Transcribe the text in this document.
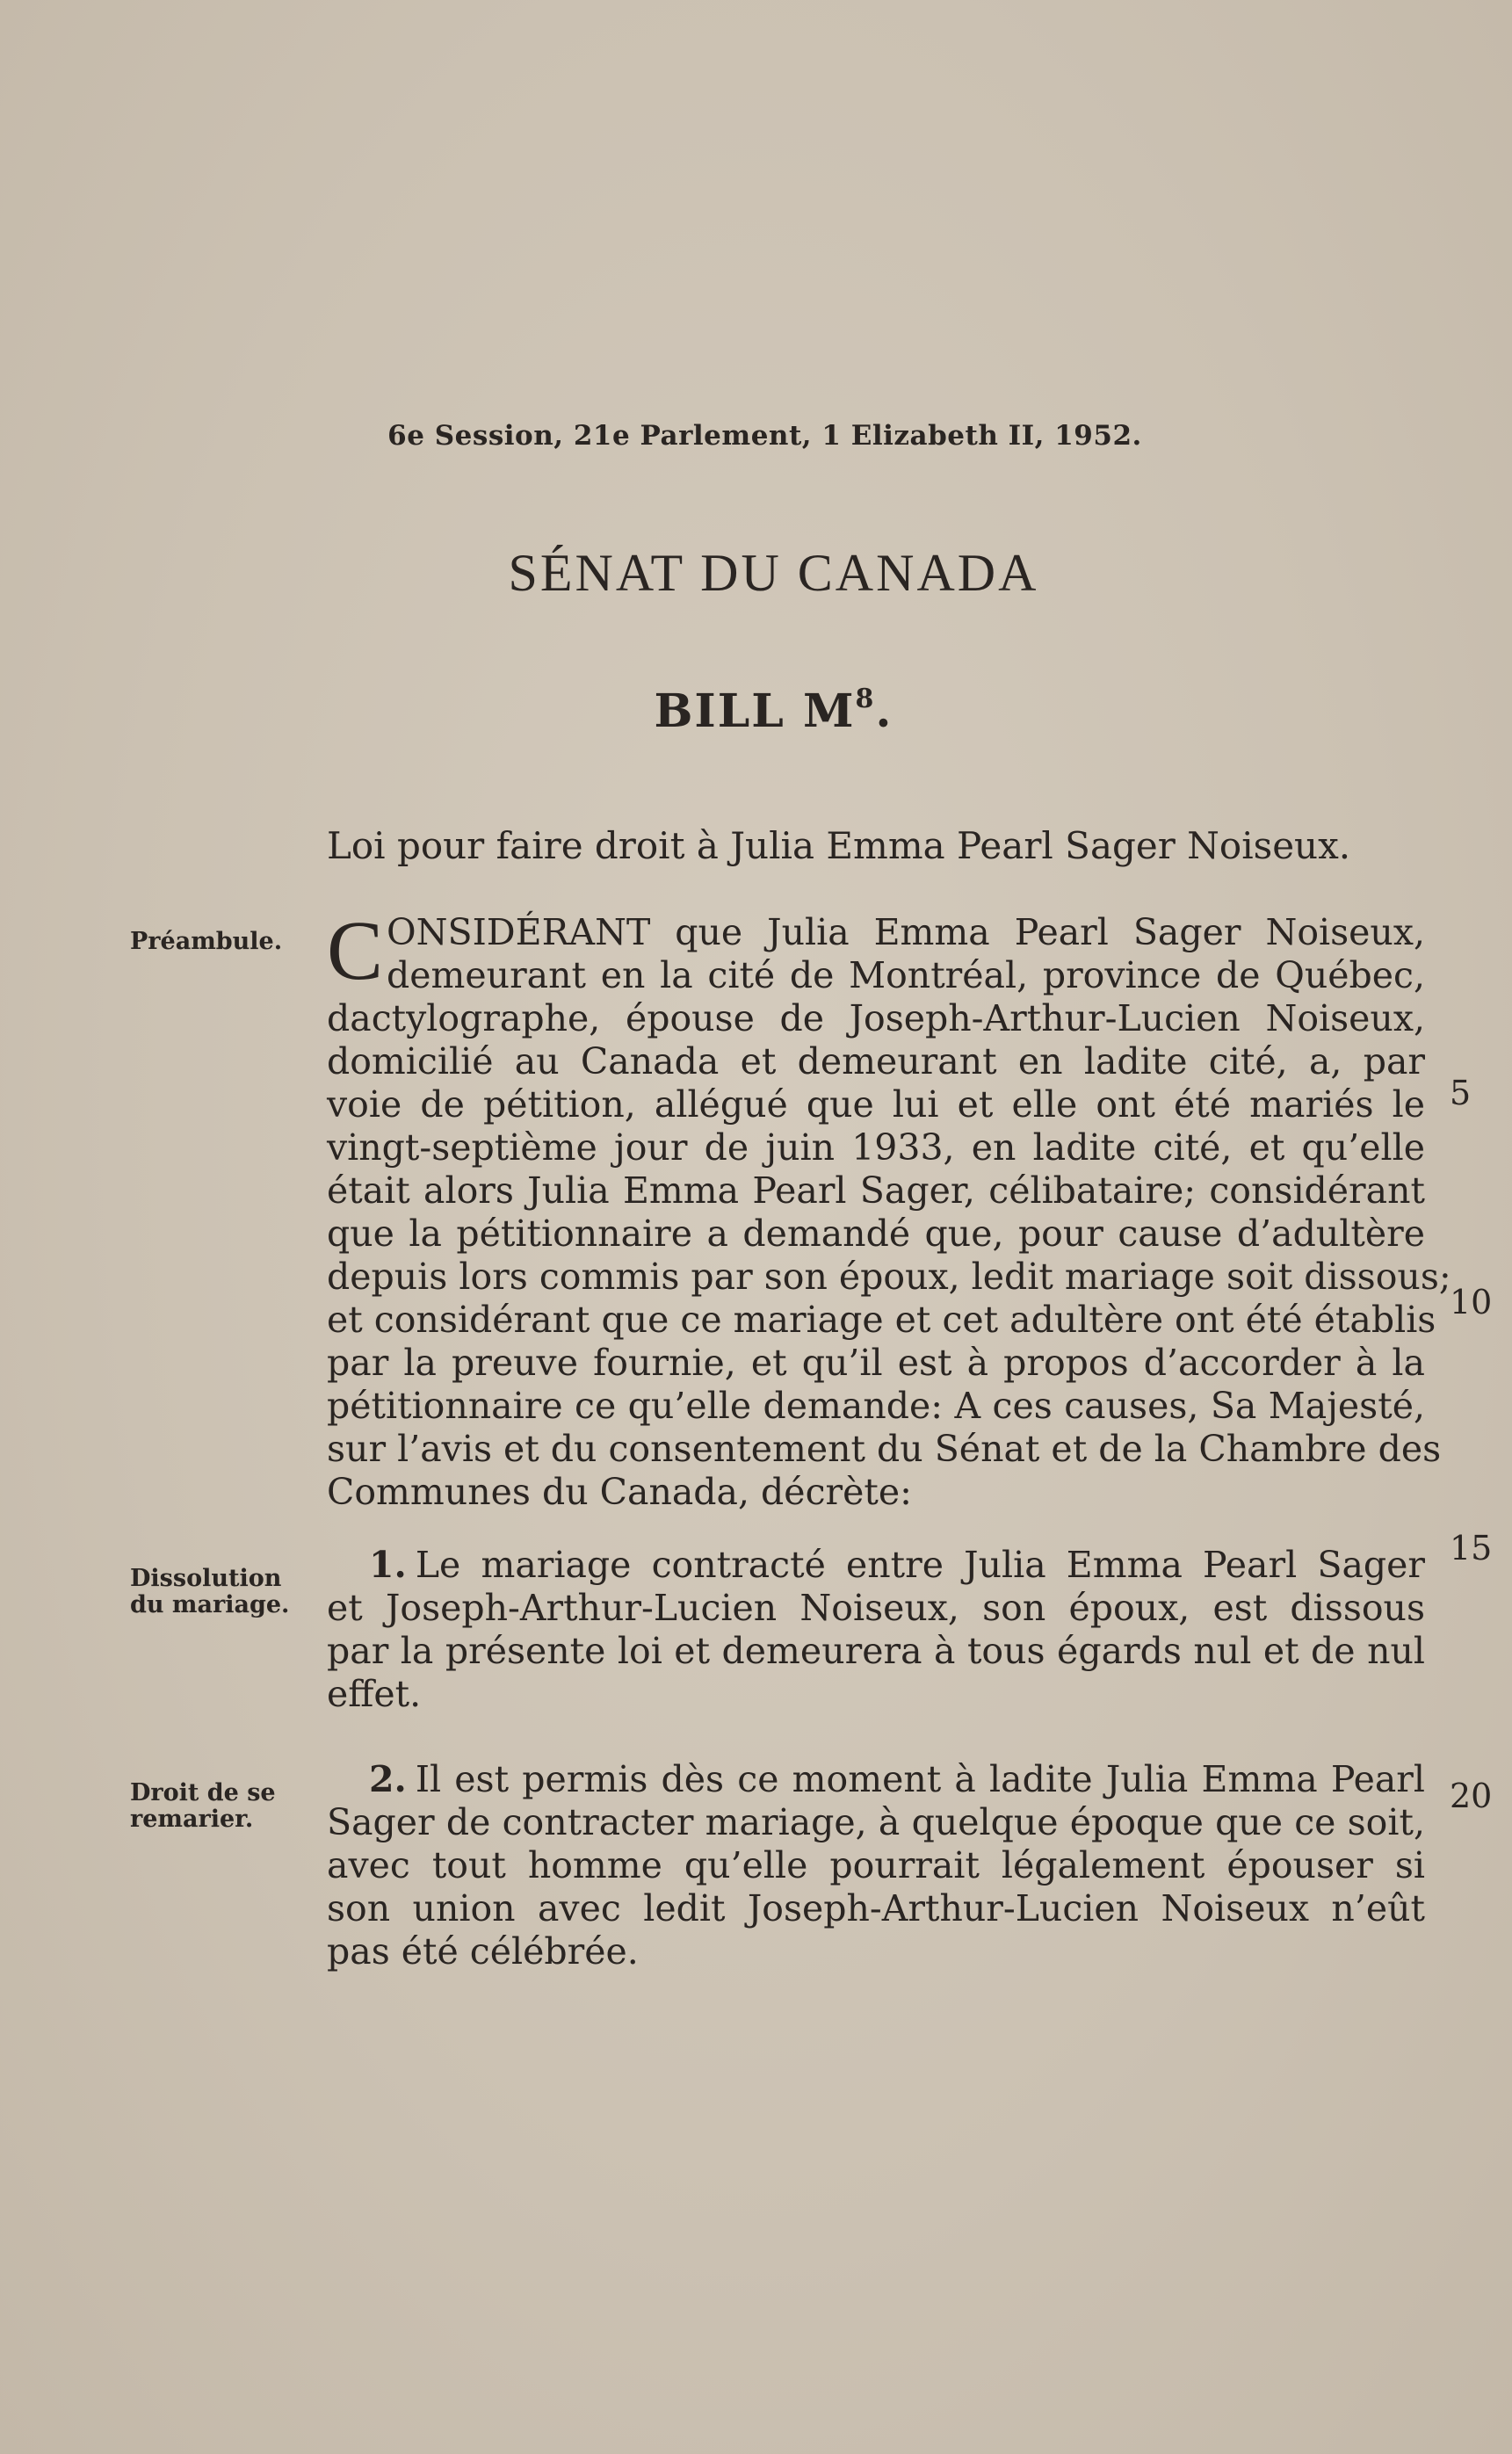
6e Session, 21e Parlement, 1 Elizabeth II, 1952.
SÉNAT DU CANADA
BILL $M^8$.
Loi pour faire droit à Julia Emma Pearl Sager Noiseux.
Préambule.
Dissolution
du mariage.
Droit de se
remarier.
C ONSIDÉRANT que Julia Emma Pearl Sager Noiseux,
demeurant en la cité de Montréal, province de Québec,
dactylographe, épouse de Joseph-Arthur-Lucien Noiseux,
domicilié au Canada et demeurant en ladite cité, a, par
voie de pétition, allégué que lui et elle ont été mariés le
vingt-septième jour de juin 1933, en ladite cité, et qu’elle
était alors Julia Emma Pearl Sager, célibataire; considérant
que la pétitionnaire a demandé que, pour cause d’adultère
depuis lors commis par son époux, ledit mariage soit dissous;
et considérant que ce mariage et cet adultère ont été établis
par la preuve fournie, et qu’il est à propos d’accorder à la
pétitionnaire ce qu’elle demande: A ces causes, Sa Majesté,
sur l’avis et du consentement du Sénat et de la Chambre des
Communes du Canada, décrète:
1. Le mariage contracté entre Julia Emma Pearl Sager
et Joseph-Arthur-Lucien Noiseux, son époux, est dissous
par la présente loi et demeurera à tous égards nul et de nul
effet.
2. Il est permis dès ce moment à ladite Julia Emma Pearl
Sager de contracter mariage, à quelque époque que ce soit,
avec tout homme qu’elle pourrait légalement épouser si
son union avec ledit Joseph-Arthur-Lucien Noiseux n’eût
pas été célébrée.
5
10
15
20
